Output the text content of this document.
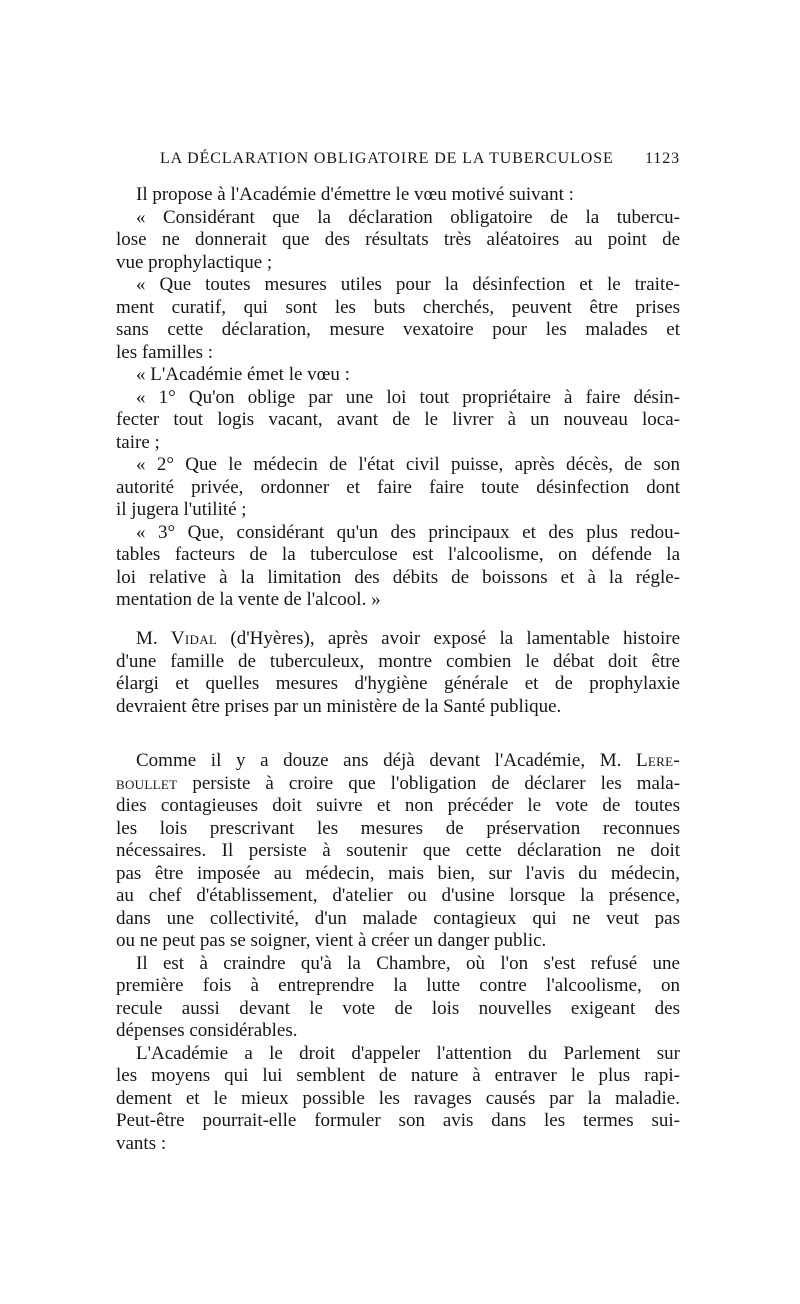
LA DÉCLARATION OBLIGATOIRE DE LA TUBERCULOSE 1123
Il propose à l'Académie d'émettre le vœu motivé suivant :
« Considérant que la déclaration obligatoire de la tubercu-
lose ne donnerait que des résultats très aléatoires au point de
vue prophylactique ;
« Que toutes mesures utiles pour la désinfection et le traite-
ment curatif, qui sont les buts cherchés, peuvent être prises
sans cette déclaration, mesure vexatoire pour les malades et
les familles :
« L'Académie émet le vœu :
« 1° Qu'on oblige par une loi tout propriétaire à faire désin-
fecter tout logis vacant, avant de le livrer à un nouveau loca-
taire ;
« 2° Que le médecin de l'état civil puisse, après décès, de son
autorité privée, ordonner et faire faire toute désinfection dont
il jugera l'utilité ;
« 3° Que, considérant qu'un des principaux et des plus redou-
tables facteurs de la tuberculose est l'alcoolisme, on défende la
loi relative à la limitation des débits de boissons et à la régle-
mentation de la vente de l'alcool. »
M. Vidal (d'Hyères), après avoir exposé la lamentable histoire
d'une famille de tuberculeux, montre combien le débat doit être
élargi et quelles mesures d'hygiène générale et de prophylaxie
devraient être prises par un ministère de la Santé publique.
Comme il y a douze ans déjà devant l'Académie, M. Lere-
boullet persiste à croire que l'obligation de déclarer les mala-
dies contagieuses doit suivre et non précéder le vote de toutes
les lois prescrivant les mesures de préservation reconnues
nécessaires. Il persiste à soutenir que cette déclaration ne doit
pas être imposée au médecin, mais bien, sur l'avis du médecin,
au chef d'établissement, d'atelier ou d'usine lorsque la présence,
dans une collectivité, d'un malade contagieux qui ne veut pas
ou ne peut pas se soigner, vient à créer un danger public.
Il est à craindre qu'à la Chambre, où l'on s'est refusé une
première fois à entreprendre la lutte contre l'alcoolisme, on
recule aussi devant le vote de lois nouvelles exigeant des
dépenses considérables.
L'Académie a le droit d'appeler l'attention du Parlement sur
les moyens qui lui semblent de nature à entraver le plus rapi-
dement et le mieux possible les ravages causés par la maladie.
Peut-être pourrait-elle formuler son avis dans les termes sui-
vants :
